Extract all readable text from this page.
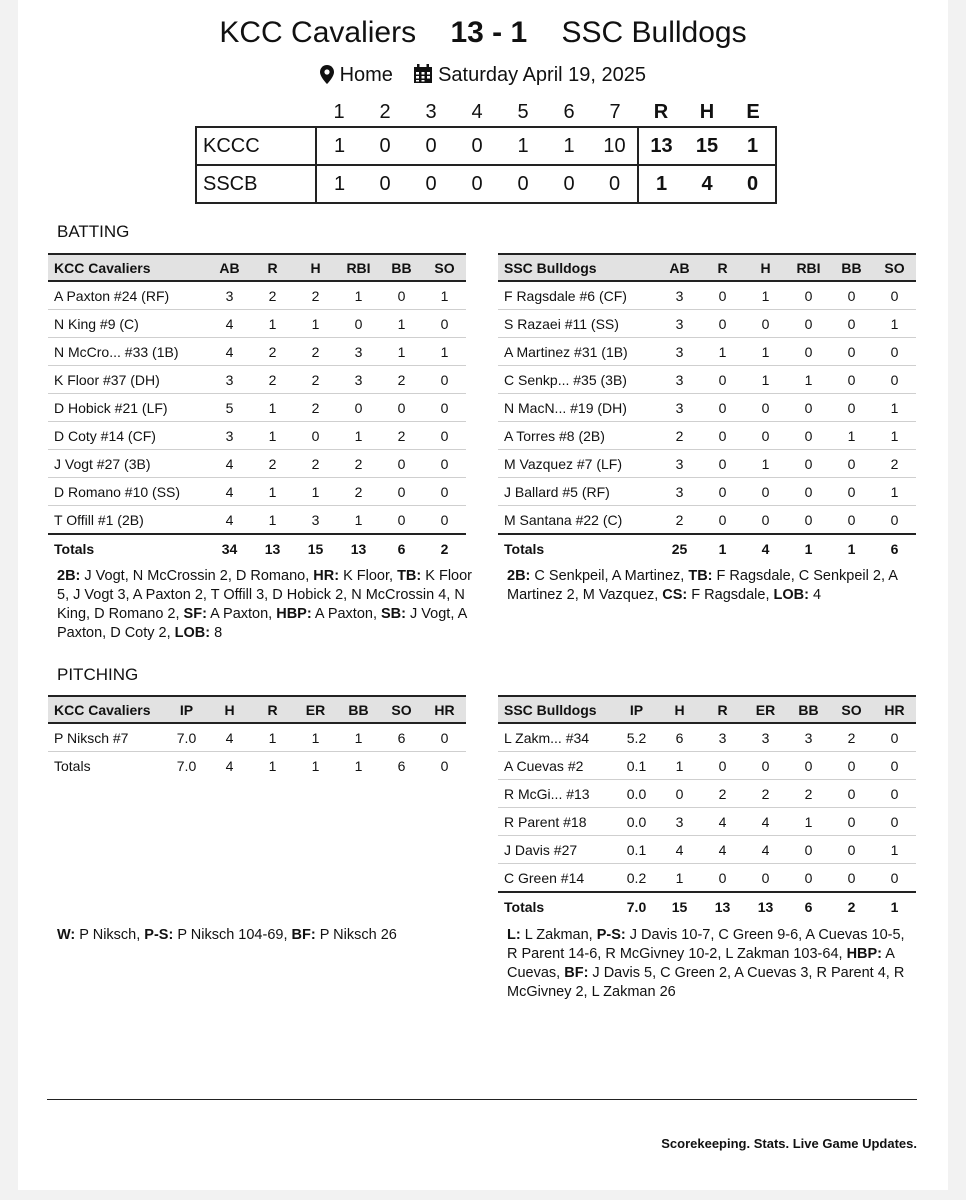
KCC Cavaliers 13 - 1 SSC Bulldogs
Home Saturday April 19, 2025
	1	2	3	4	5	6	7	R	H	E
KCCC	1	0	0	0	1	1	10	13	15	1
SSCB	1	0	0	0	0	0	0	1	4	0
BATTING
KCC Cavaliers	AB	R	H	RBI	BB	SO
A Paxton #24 (RF)	3	2	2	1	0	1
N King #9 (C)	4	1	1	0	1	0
N McCro... #33 (1B)	4	2	2	3	1	1
K Floor #37 (DH)	3	2	2	3	2	0
D Hobick #21 (LF)	5	1	2	0	0	0
D Coty #14 (CF)	3	1	0	1	2	0
J Vogt #27 (3B)	4	2	2	2	0	0
D Romano #10 (SS)	4	1	1	2	0	0
T Offill #1 (2B)	4	1	3	1	0	0
Totals	34	13	15	13	6	2
SSC Bulldogs	AB	R	H	RBI	BB	SO
F Ragsdale #6 (CF)	3	0	1	0	0	0
S Razaei #11 (SS)	3	0	0	0	0	1
A Martinez #31 (1B)	3	1	1	0	0	0
C Senkp... #35 (3B)	3	0	1	1	0	0
N MacN... #19 (DH)	3	0	0	0	0	1
A Torres #8 (2B)	2	0	0	0	1	1
M Vazquez #7 (LF)	3	0	1	0	0	2
J Ballard #5 (RF)	3	0	0	0	0	1
M Santana #22 (C)	2	0	0	0	0	0
Totals	25	1	4	1	1	6
2B: J Vogt, N McCrossin 2, D Romano, HR: K Floor, TB: K Floor 5, J Vogt 3, A Paxton 2, T Offill 3, D Hobick 2, N McCrossin 4, N King, D Romano 2, SF: A Paxton, HBP: A Paxton, SB: J Vogt, A Paxton, D Coty 2, LOB: 8
2B: C Senkpeil, A Martinez, TB: F Ragsdale, C Senkpeil 2, A Martinez 2, M Vazquez, CS: F Ragsdale, LOB: 4
PITCHING
KCC Cavaliers	IP	H	R	ER	BB	SO	HR
P Niksch #7	7.0	4	1	1	1	6	0
Totals	7.0	4	1	1	1	6	0
SSC Bulldogs	IP	H	R	ER	BB	SO	HR
L Zakm... #34	5.2	6	3	3	3	2	0
A Cuevas #2	0.1	1	0	0	0	0	0
R McGi... #13	0.0	0	2	2	2	0	0
R Parent #18	0.0	3	4	4	1	0	0
J Davis #27	0.1	4	4	4	0	0	1
C Green #14	0.2	1	0	0	0	0	0
Totals	7.0	15	13	13	6	2	1
W: P Niksch, P-S: P Niksch 104-69, BF: P Niksch 26	L: L Zakman, P-S: J Davis 10-7, C Green 9-6, A Cuevas 10-5, R Parent 14-6, R McGivney 10-2, L Zakman 103-64, HBP: A Cuevas, BF: J Davis 5, C Green 2, A Cuevas 3, R Parent 4, R McGivney 2, L Zakman 26
Scorekeeping. Stats. Live Game Updates.
